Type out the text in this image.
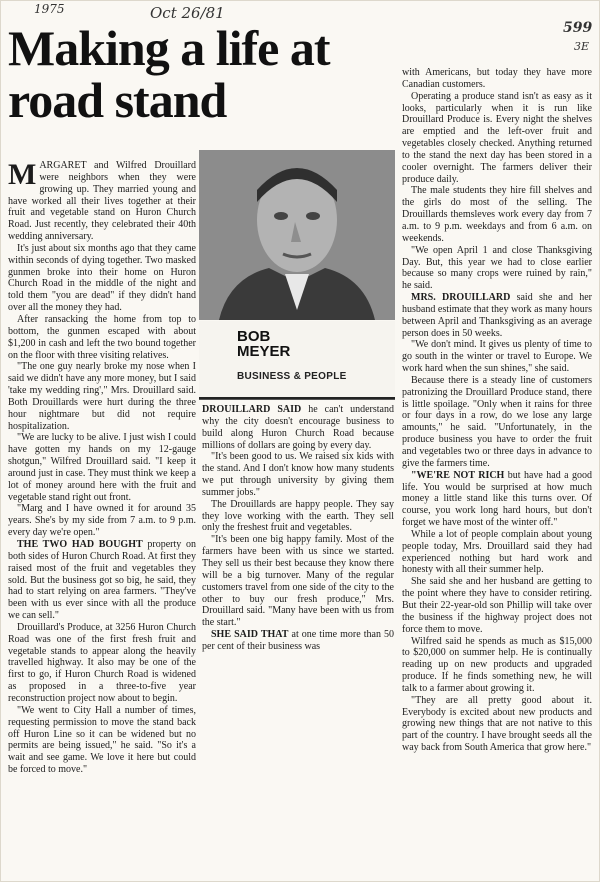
1975	Oct 26/81
599
3E
Making a life at road stand

MARGARET and Wilfred Drouillard were neighbors when they were growing up. They married young and have worked all their lives together at their fruit and vegetable stand on Huron Church Road. Just recently, they celebrated their 40th wedding anniversary.

It's just about six months ago that they came within seconds of dying together. Two masked gunmen broke into their home on Huron Church Road in the middle of the night and told them "you are dead" if they didn't hand over all the money they had.

After ransacking the home from top to bottom, the gunmen escaped with about $1,200 in cash and left the two bound together on the floor with three visiting relatives.

"The one guy nearly broke my nose when I said we didn't have any more money, but I said 'take my wedding ring'," Mrs. Drouillard said. Both Drouillards were hurt during the three hour nightmare but did not require hospitalization.

"We are lucky to be alive. I just wish I could have gotten my hands on my 12-gauge shotgun," Wilfred Drouillard said. "I keep it around just in case. They must think we keep a lot of money around here with the fruit and vegetable stand right out front.

"Marg and I have owned it for around 35 years. She's by my side from 7 a.m. to 9 p.m. every day we're open."

THE TWO HAD BOUGHT property on both sides of Huron Church Road. At first they raised most of the fruit and vegetables they sold. But the business got so big, he said, they had to start relying on area farmers. "They've been with us ever since with all the produce we can sell."

Drouillard's Produce, at 3256 Huron Church Road was one of the first fresh fruit and vegetable stands to appear along the heavily travelled highway. It also may be one of the first to go, if Huron Church Road is widened as proposed in a three-to-five year reconstruction project now about to begin.

"We went to City Hall a number of times, requesting permission to move the stand back off Huron Line so it can be widened but no permits are being issued," he said. "So it's a wait and see game. We love it here but could be forced to move."

BOB MEYER
BUSINESS & PEOPLE

DROUILLARD SAID he can't understand why the city doesn't encourage business to build along Huron Church Road because millions of dollars are going by every day.

"It's been good to us. We raised six kids with the stand. And I don't know how many students we put through university by giving them summer jobs."

The Drouillards are happy people. They say they love working with the earth. They sell only the freshest fruit and vegetables.

"It's been one big happy family. Most of the farmers have been with us since we started. They sell us their best because they know there will be a big turnover. Many of the regular customers travel from one side of the city to the other to buy our fresh produce," Mrs. Drouillard said. "Many have been with us from the start."

SHE SAID THAT at one time more than 50 per cent of their business was

with Americans, but today they have more Canadian customers.

Operating a produce stand isn't as easy as it looks, particularly when it is run like Drouillard Produce is. Every night the shelves are emptied and the left-over fruit and vegetables closely checked. Anything returned to the stand the next day has been stored in a cooler overnight. The farmers deliver their produce daily.

The male students they hire fill shelves and the girls do most of the selling. The Drouillards themsleves work every day from 7 a.m. to 9 p.m. weekdays and from 6 a.m. on weekends.

"We open April 1 and close Thanksgiving Day. But, this year we had to close earlier because so many crops were ruined by rain," he said.

MRS. DROUILLARD said she and her husband estimate that they work as many hours between April and Thanksgiving as an average person does in 50 weeks.

"We don't mind. It gives us plenty of time to go south in the winter or travel to Europe. We work hard when the sun shines," she said.

Because there is a steady line of customers patronizing the Drouillard Produce stand, there is little spoilage. "Only when it rains for three or four days in a row, do we lose any large amounts," he said. "Unfortunately, in the produce business you have to order the fruit and vegetables two or three days in advance to give the farmers time.

"WE'RE NOT RICH but have had a good life. You would be surprised at how much money a little stand like this turns over. Of course, you work long hard hours, but don't forget we have most of the winter off."

While a lot of people complain about young people today, Mrs. Drouillard said they had experienced nothing but hard work and honesty with all their summer help.

She said she and her husband are getting to the point where they have to consider retiring. But their 22-year-old son Phillip will take over the business if the highway project does not force them to move.

Wilfred said he spends as much as $15,000 to $20,000 on summer help. He is continually reading up on new products and upgraded produce. If he finds something new, he will talk to a farmer about growing it.

"They are all pretty good about it. Everybody is excited about new products and growing new things that are not native to this part of the country. I have brought seeds all the way back from South America that grow here."
